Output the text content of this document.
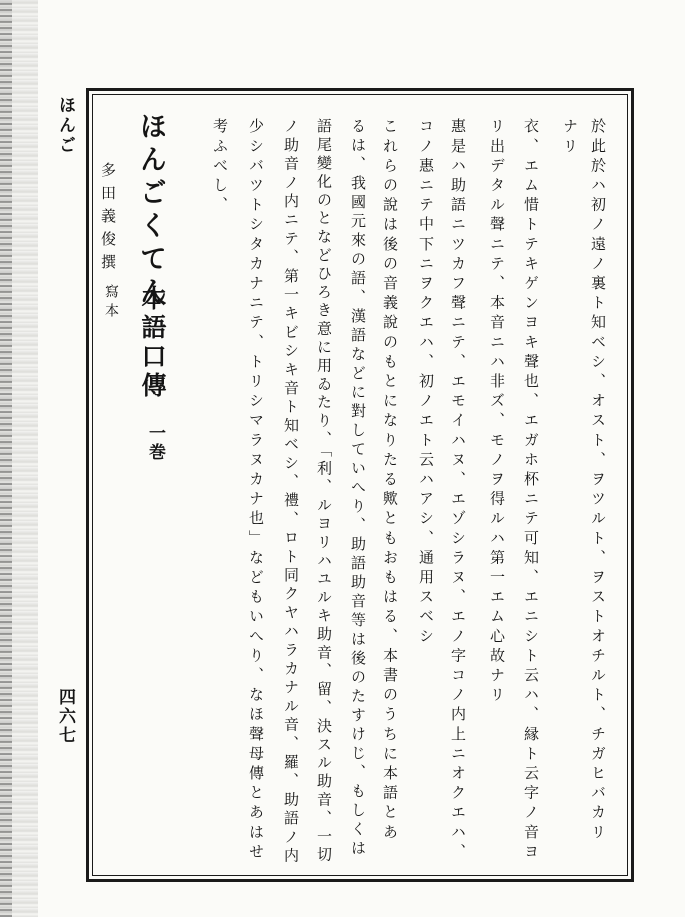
ほんご
四六七
ほんごくてん
本語口傳
一巻
多田義俊撰
寫本	於此於ハ初ノ遠ノ裏ト知ベシ、オスト、ヲツルト、ヲストオチルト、チガヒバカリ
ナリ
衣、エム惜トテキゲンヨキ聲也、エガホ杯ニテ可知、エニシト云ハ、縁ト云字ノ音ヨ
リ出デタル聲ニテ、本音ニハ非ズ、モノヲ得ルハ第一エム心故ナリ
惠是ハ助語ニツカフ聲ニテ、エモイハヌ、エゾシラヌ、エノ字コノ内上ニオクエハ、
コノ惠ニテ中下ニヲクエハ、初ノエト云ハアシ、通用スベシ
これらの說は後の音義說のもとになりたる歟ともおもはる、本書のうちに本語とあ
るは、我國元來の語、漢語などに對していへり、助語助音等は後のたすけじ、もしくは
語尾變化のとなどひろき意に用ゐたり、「利、ルヨリハユルキ助音、留、決スル助音、一切
ノ助音ノ内ニテ、第一キビシキ音ト知ベシ、禮、ロト同クヤハラカナル音、羅、助語ノ内
少シバツトシタカナニテ、トリシマラヌカナ也」などもいへり、なほ聲母傳とあはせ
考ふべし、
